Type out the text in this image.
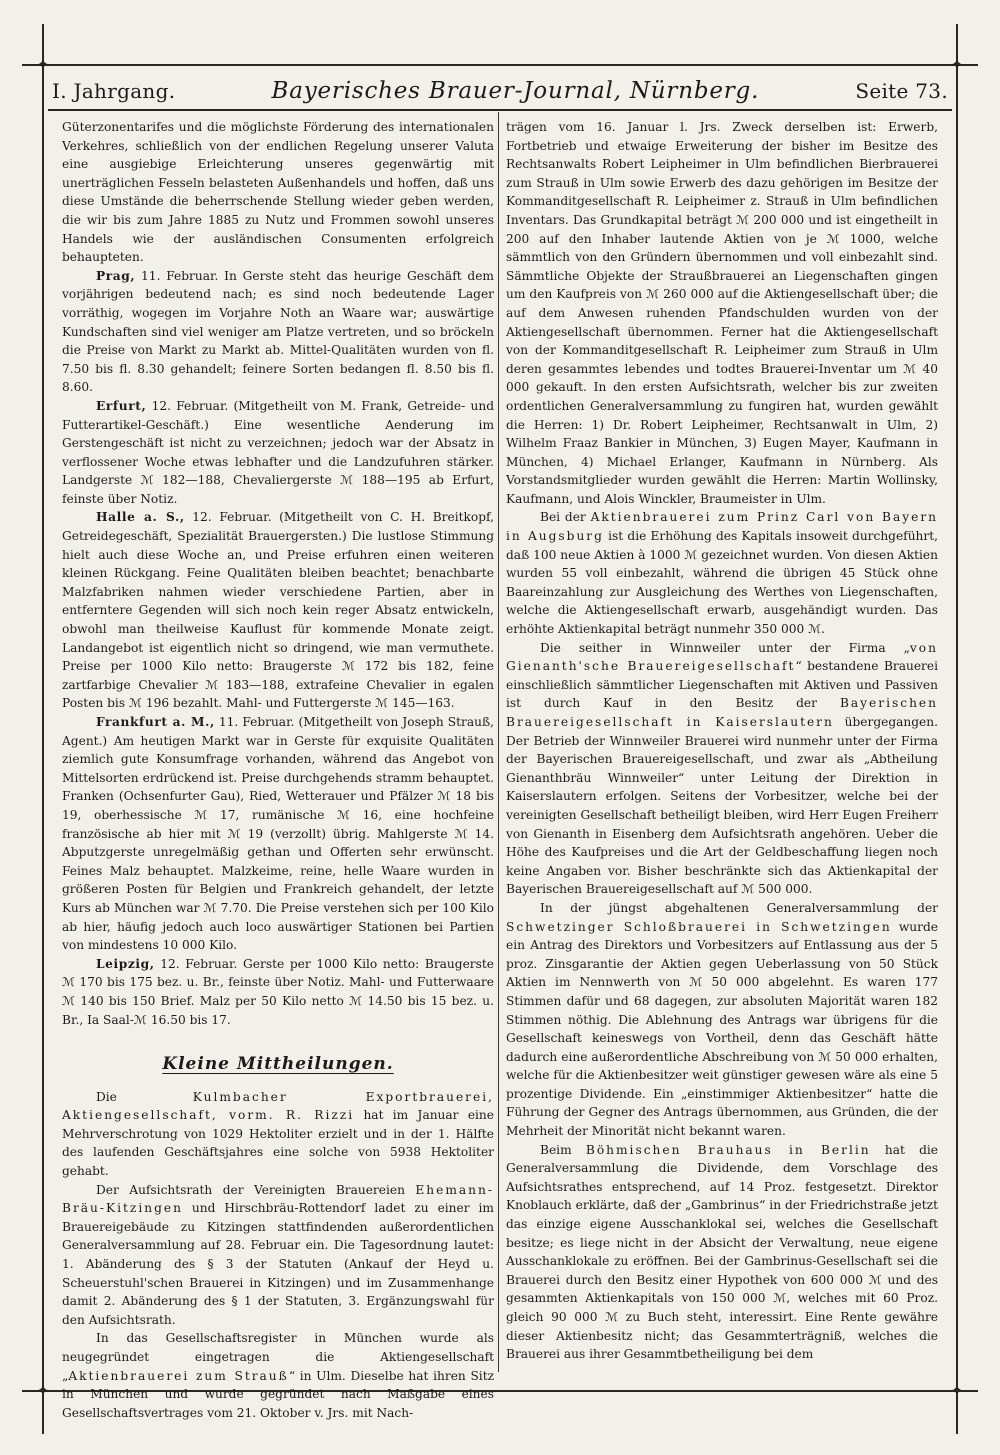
✦	✦
✦	✦
I. Jahrgang.	Bayerisches Brauer-Journal, Nürnberg.	Seite 73.

Güterzonentarifes und die möglichste Förderung des internationalen Verkehres, schließlich von der endlichen Regelung unserer Valuta eine ausgiebige Erleichterung unseres gegenwärtig mit unerträglichen Fesseln belasteten Außenhandels und hoffen, daß uns diese Umstände die beherrschende Stellung wieder geben werden, die wir bis zum Jahre 1885 zu Nutz und Frommen sowohl unseres Handels wie der ausländischen Consumenten erfolgreich behaupteten.

Prag, 11. Februar. In Gerste steht das heurige Geschäft dem vorjährigen bedeutend nach; es sind noch bedeutende Lager vorräthig, wogegen im Vorjahre Noth an Waare war; auswärtige Kundschaften sind viel weniger am Platze vertreten, und so bröckeln die Preise von Markt zu Markt ab. Mittel-Qualitäten wurden von fl. 7.50 bis fl. 8.30 gehandelt; feinere Sorten bedangen fl. 8.50 bis fl. 8.60.

Erfurt, 12. Februar. (Mitgetheilt von M. Frank, Getreide- und Futterartikel-Geschäft.) Eine wesentliche Aenderung im Gerstengeschäft ist nicht zu verzeichnen; jedoch war der Absatz in verflossener Woche etwas lebhafter und die Landzufuhren stärker. Landgerste ℳ 182—188, Chevaliergerste ℳ 188—195 ab Erfurt, feinste über Notiz.

Halle a. S., 12. Februar. (Mitgetheilt von C. H. Breitkopf, Getreidegeschäft, Spezialität Brauergersten.) Die lustlose Stimmung hielt auch diese Woche an, und Preise erfuhren einen weiteren kleinen Rückgang. Feine Qualitäten bleiben beachtet; benachbarte Malzfabriken nahmen wieder verschiedene Partien, aber in entferntere Gegenden will sich noch kein reger Absatz entwickeln, obwohl man theilweise Kauflust für kommende Monate zeigt. Landangebot ist eigentlich nicht so dringend, wie man vermuthete. Preise per 1000 Kilo netto: Braugerste ℳ 172 bis 182, feine zartfarbige Chevalier ℳ 183—188, extrafeine Chevalier in egalen Posten bis ℳ 196 bezahlt. Mahl- und Futtergerste ℳ 145—163.

Frankfurt a. M., 11. Februar. (Mitgetheilt von Joseph Strauß, Agent.) Am heutigen Markt war in Gerste für exquisite Qualitäten ziemlich gute Konsumfrage vorhanden, während das Angebot von Mittelsorten erdrückend ist. Preise durchgehends stramm behauptet. Franken (Ochsenfurter Gau), Ried, Wetterauer und Pfälzer ℳ 18 bis 19, oberhessische ℳ 17, rumänische ℳ 16, eine hochfeine französische ab hier mit ℳ 19 (verzollt) übrig. Mahlgerste ℳ 14. Abputzgerste unregelmäßig gethan und Offerten sehr erwünscht. Feines Malz behauptet. Malzkeime, reine, helle Waare wurden in größeren Posten für Belgien und Frankreich gehandelt, der letzte Kurs ab München war ℳ 7.70. Die Preise verstehen sich per 100 Kilo ab hier, häufig jedoch auch loco auswärtiger Stationen bei Partien von mindestens 10 000 Kilo.

Leipzig, 12. Februar. Gerste per 1000 Kilo netto: Braugerste ℳ 170 bis 175 bez. u. Br., feinste über Notiz. Mahl- und Futterwaare ℳ 140 bis 150 Brief. Malz per 50 Kilo netto ℳ 14.50 bis 15 bez. u. Br., Ia Saal-ℳ 16.50 bis 17.

Kleine Mittheilungen.

Die Kulmbacher Exportbrauerei, Aktiengesellschaft, vorm. R. Rizzi hat im Januar eine Mehrverschrotung von 1029 Hektoliter erzielt und in der 1. Hälfte des laufenden Geschäftsjahres eine solche von 5938 Hektoliter gehabt.

Der Aufsichtsrath der Vereinigten Brauereien Ehemann-Bräu-Kitzingen und Hirschbräu-Rottendorf ladet zu einer im Brauereigebäude zu Kitzingen stattfindenden außerordentlichen Generalversammlung auf 28. Februar ein. Die Tagesordnung lautet: 1. Abänderung des § 3 der Statuten (Ankauf der Heyd u. Scheuerstuhl'schen Brauerei in Kitzingen) und im Zusammenhange damit 2. Abänderung des § 1 der Statuten, 3. Ergänzungswahl für den Aufsichtsrath.

In das Gesellschaftsregister in München wurde als neugegründet eingetragen die Aktiengesellschaft „Aktienbrauerei zum Strauß“ in Ulm. Dieselbe hat ihren Sitz in München und wurde gegründet nach Maßgabe eines Gesellschaftsvertrages vom 21. Oktober v. Jrs. mit Nach-

trägen vom 16. Januar l. Jrs. Zweck derselben ist: Erwerb, Fortbetrieb und etwaige Erweiterung der bisher im Besitze des Rechtsanwalts Robert Leipheimer in Ulm befindlichen Bierbrauerei zum Strauß in Ulm sowie Erwerb des dazu gehörigen im Besitze der Kommanditgesellschaft R. Leipheimer z. Strauß in Ulm befindlichen Inventars. Das Grundkapital beträgt ℳ 200 000 und ist eingetheilt in 200 auf den Inhaber lautende Aktien von je ℳ 1000, welche sämmtlich von den Gründern übernommen und voll einbezahlt sind. Sämmtliche Objekte der Straußbrauerei an Liegenschaften gingen um den Kaufpreis von ℳ 260 000 auf die Aktiengesellschaft über; die auf dem Anwesen ruhenden Pfandschulden wurden von der Aktiengesellschaft übernommen. Ferner hat die Aktiengesellschaft von der Kommanditgesellschaft R. Leipheimer zum Strauß in Ulm deren gesammtes lebendes und todtes Brauerei-Inventar um ℳ 40 000 gekauft. In den ersten Aufsichtsrath, welcher bis zur zweiten ordentlichen Generalversammlung zu fungiren hat, wurden gewählt die Herren: 1) Dr. Robert Leipheimer, Rechtsanwalt in Ulm, 2) Wilhelm Fraaz Bankier in München, 3) Eugen Mayer, Kaufmann in München, 4) Michael Erlanger, Kaufmann in Nürnberg. Als Vorstandsmitglieder wurden gewählt die Herren: Martin Wollinsky, Kaufmann, und Alois Winckler, Braumeister in Ulm.

Bei der Aktienbrauerei zum Prinz Carl von Bayern in Augsburg ist die Erhöhung des Kapitals insoweit durchgeführt, daß 100 neue Aktien à 1000 ℳ gezeichnet wurden. Von diesen Aktien wurden 55 voll einbezahlt, während die übrigen 45 Stück ohne Baareinzahlung zur Ausgleichung des Werthes von Liegenschaften, welche die Aktiengesellschaft erwarb, ausgehändigt wurden. Das erhöhte Aktienkapital beträgt nunmehr 350 000 ℳ.

Die seither in Winnweiler unter der Firma „von Gienanth'sche Brauereigesellschaft“ bestandene Brauerei einschließlich sämmtlicher Liegenschaften mit Aktiven und Passiven ist durch Kauf in den Besitz der Bayerischen Brauereigesellschaft in Kaiserslautern übergegangen. Der Betrieb der Winnweiler Brauerei wird nunmehr unter der Firma der Bayerischen Brauereigesellschaft, und zwar als „Abtheilung Gienanthbräu Winnweiler“ unter Leitung der Direktion in Kaiserslautern erfolgen. Seitens der Vorbesitzer, welche bei der vereinigten Gesellschaft betheiligt bleiben, wird Herr Eugen Freiherr von Gienanth in Eisenberg dem Aufsichtsrath angehören. Ueber die Höhe des Kaufpreises und die Art der Geldbeschaffung liegen noch keine Angaben vor. Bisher beschränkte sich das Aktienkapital der Bayerischen Brauereigesellschaft auf ℳ 500 000.

In der jüngst abgehaltenen Generalversammlung der Schwetzinger Schloßbrauerei in Schwetzingen wurde ein Antrag des Direktors und Vorbesitzers auf Entlassung aus der 5 proz. Zinsgarantie der Aktien gegen Ueberlassung von 50 Stück Aktien im Nennwerth von ℳ 50 000 abgelehnt. Es waren 177 Stimmen dafür und 68 dagegen, zur absoluten Majorität waren 182 Stimmen nöthig. Die Ablehnung des Antrags war übrigens für die Gesellschaft keineswegs von Vortheil, denn das Geschäft hätte dadurch eine außerordentliche Abschreibung von ℳ 50 000 erhalten, welche für die Aktienbesitzer weit günstiger gewesen wäre als eine 5 prozentige Dividende. Ein „einstimmiger Aktienbesitzer“ hatte die Führung der Gegner des Antrags übernommen, aus Gründen, die der Mehrheit der Minorität nicht bekannt waren.

Beim Böhmischen Brauhaus in Berlin hat die Generalversammlung die Dividende, dem Vorschlage des Aufsichtsrathes entsprechend, auf 14 Proz. festgesetzt. Direktor Knoblauch erklärte, daß der „Gambrinus“ in der Friedrichstraße jetzt das einzige eigene Ausschanklokal sei, welches die Gesellschaft besitze; es liege nicht in der Absicht der Verwaltung, neue eigene Ausschanklokale zu eröffnen. Bei der Gambrinus-Gesellschaft sei die Brauerei durch den Besitz einer Hypothek von 600 000 ℳ und des gesammten Aktienkapitals von 150 000 ℳ, welches mit 60 Proz. gleich 90 000 ℳ zu Buch steht, interessirt. Eine Rente gewähre dieser Aktienbesitz nicht; das Gesammterträgniß, welches die Brauerei aus ihrer Gesammtbetheiligung bei dem
